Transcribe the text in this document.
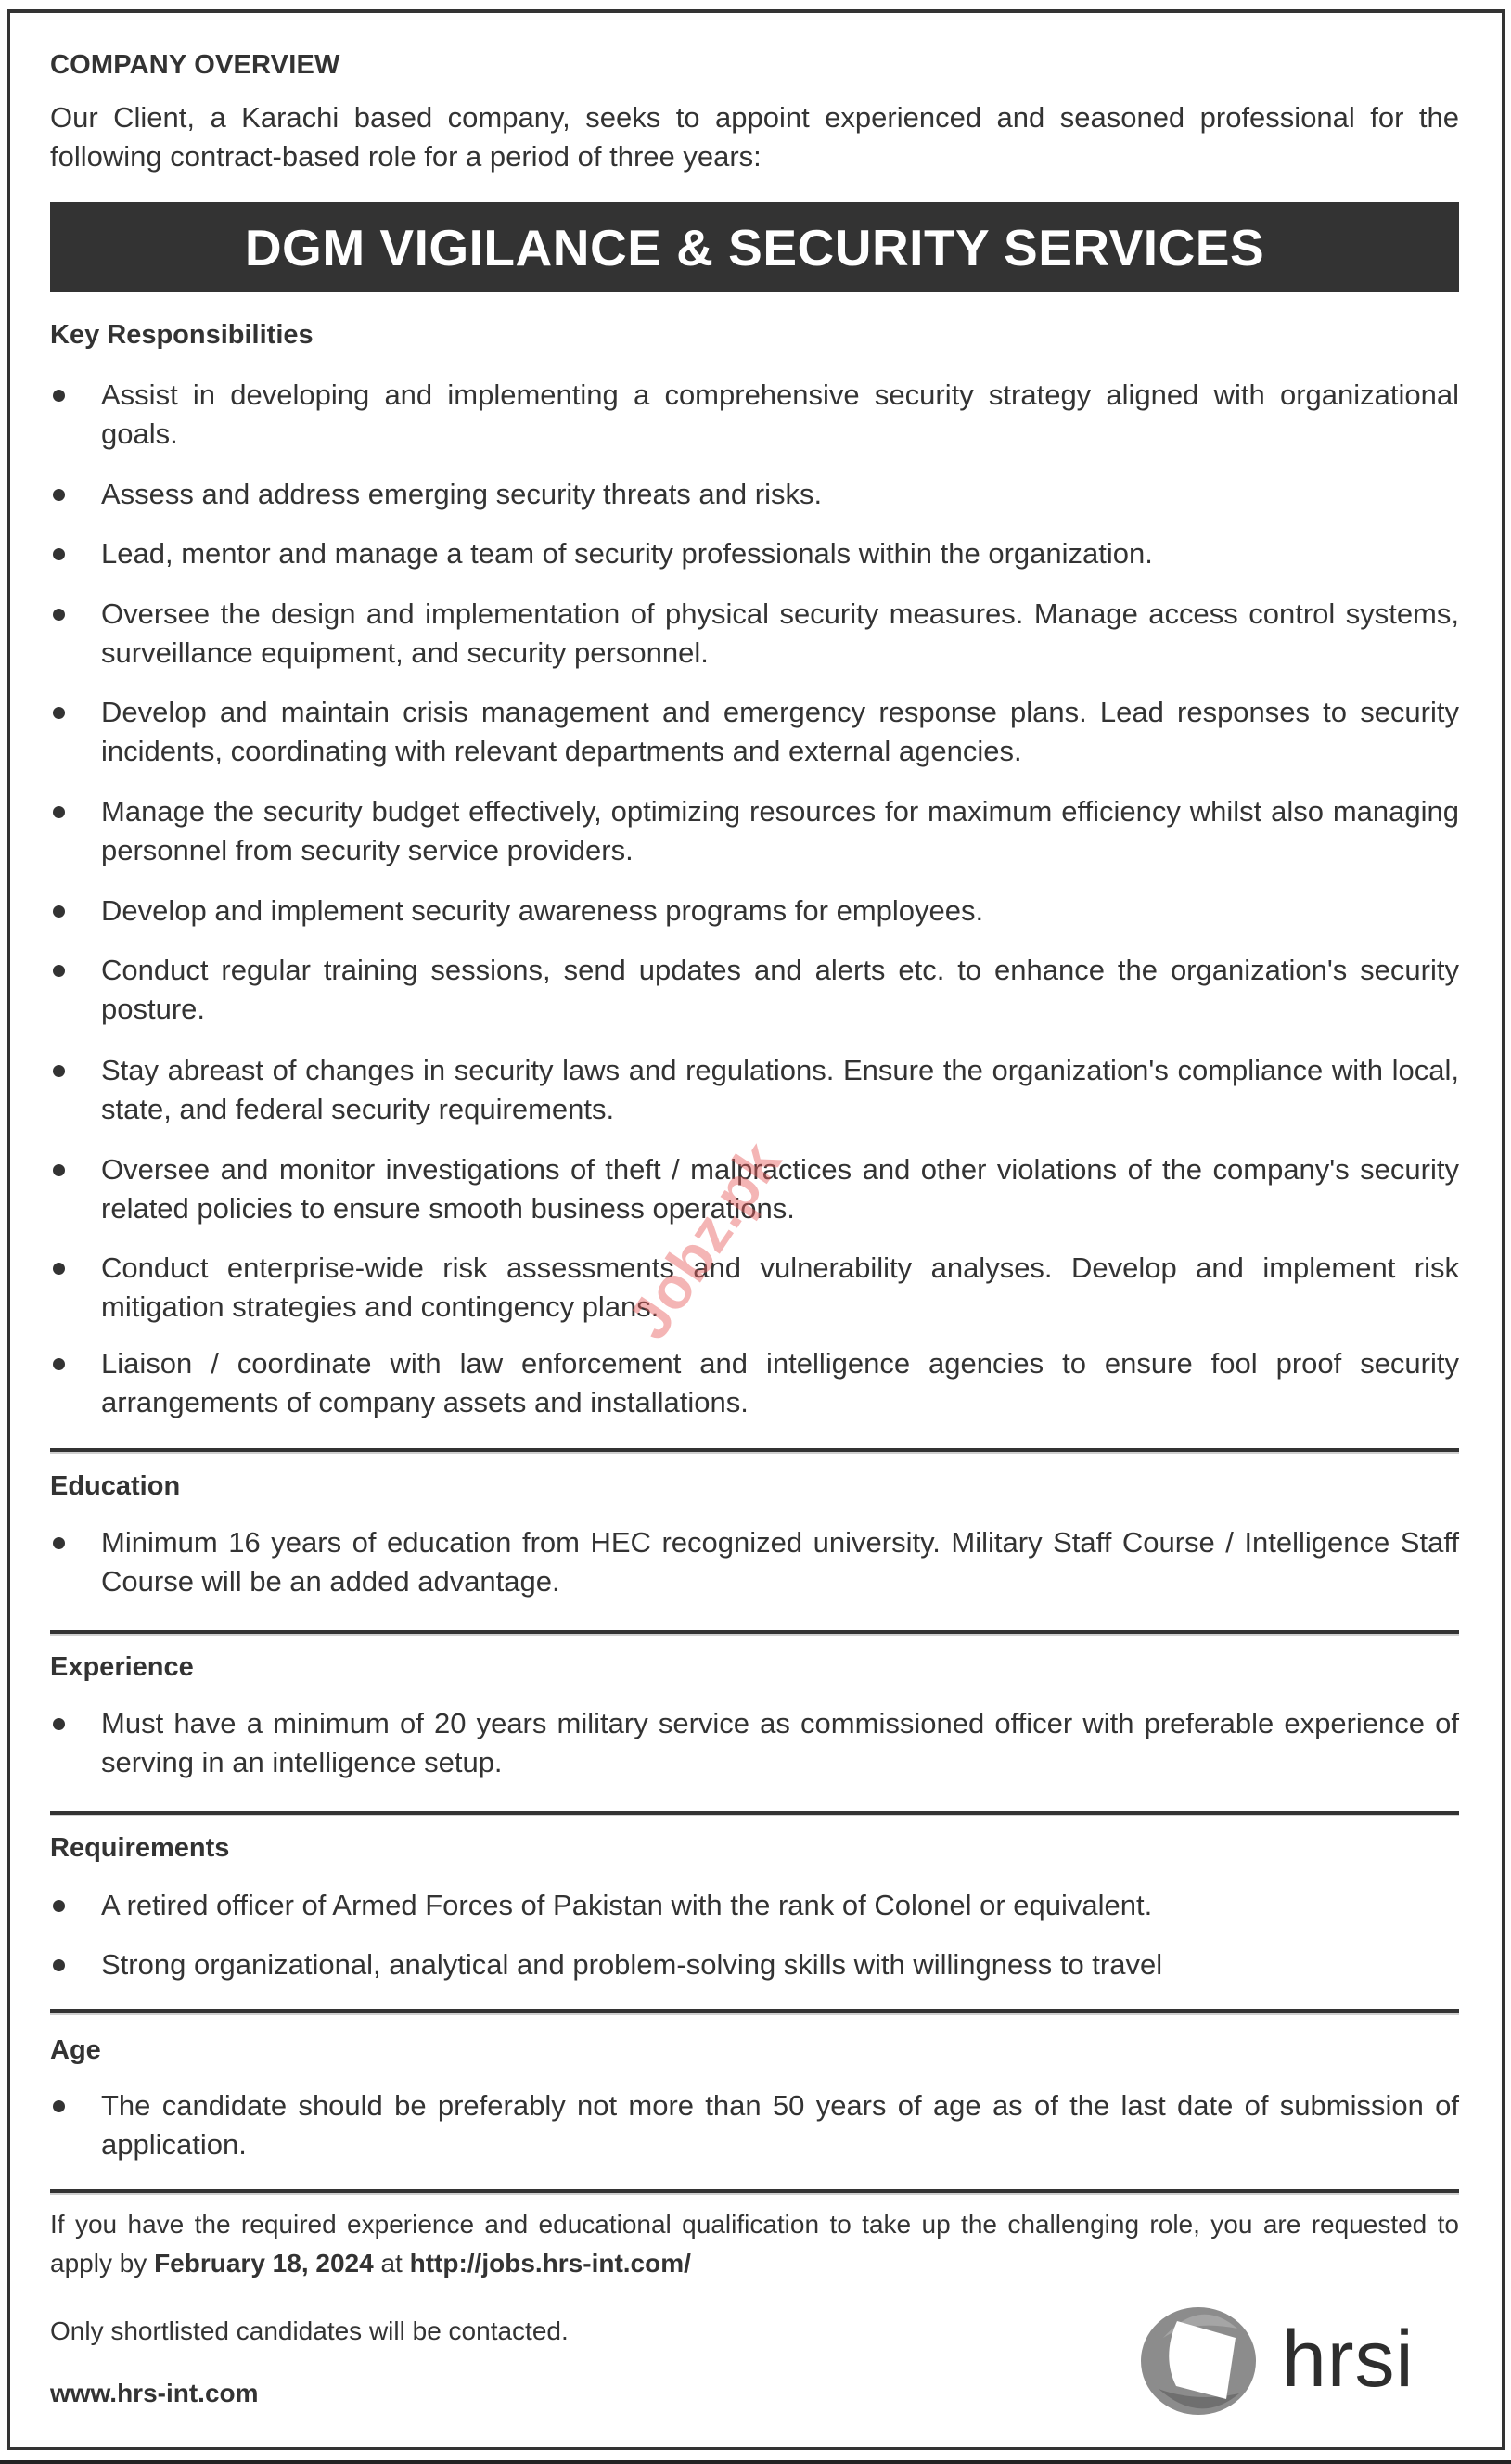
COMPANY OVERVIEW
Our Client, a Karachi based company, seeks to appoint experienced and seasoned professional for the following contract-based role for a period of three years:
DGM VIGILANCE & SECURITY SERVICES
Key Responsibilities
Assist in developing and implementing a comprehensive security strategy aligned with organizational goals.
Assess and address emerging security threats and risks.
Lead, mentor and manage a team of security professionals within the organization.
Oversee the design and implementation of physical security measures. Manage access control systems, surveillance equipment, and security personnel.
Develop and maintain crisis management and emergency response plans. Lead responses to security incidents, coordinating with relevant departments and external agencies.
Manage the security budget effectively, optimizing resources for maximum efficiency whilst also managing personnel from security service providers.
Develop and implement security awareness programs for employees.
Conduct regular training sessions, send updates and alerts etc. to enhance the organization's security posture.
Stay abreast of changes in security laws and regulations. Ensure the organization's compliance with local, state, and federal security requirements.
Oversee and monitor investigations of theft / malpractices and other violations of the company's security related policies to ensure smooth business operations.
Conduct enterprise-wide risk assessments and vulnerability analyses. Develop and implement risk mitigation strategies and contingency plans.
Liaison / coordinate with law enforcement and intelligence agencies to ensure fool proof security arrangements of company assets and installations.
Education
Minimum 16 years of education from HEC recognized university. Military Staff Course / Intelligence Staff Course will be an added advantage.
Experience
Must have a minimum of 20 years military service as commissioned officer with preferable experience of serving in an intelligence setup.
Requirements
A retired officer of Armed Forces of Pakistan with the rank of Colonel or equivalent.
Strong organizational, analytical and problem-solving skills with willingness to travel
Age
The candidate should be preferably not more than 50 years of age as of the last date of submission of application.
If you have the required experience and educational qualification to take up the challenging role, you are requested to apply by February 18, 2024 at http://jobs.hrs-int.com/
Only shortlisted candidates will be contacted.
www.hrs-int.com	hrsi
Jobz.pk
